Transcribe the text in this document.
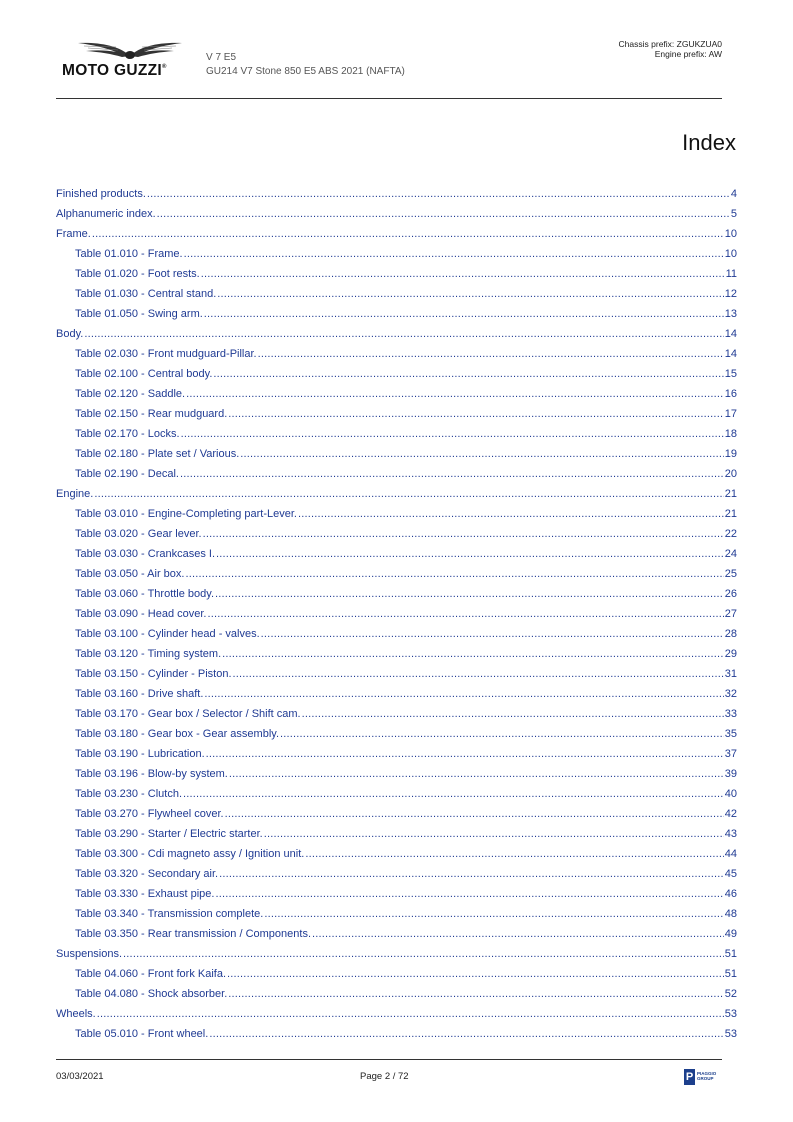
MOTO GUZZI®
V 7 E5
GU214 V7 Stone 850 E5 ABS 2021 (NAFTA)
Chassis prefix: ZGUKZUA0
Engine prefix: AW
Index
Finished products. .....	4
Alphanumeric index. .....	5
Frame. .....	10
Table 01.010 - Frame. .....	10
Table 01.020 - Foot rests. .....	11
Table 01.030 - Central stand. .....	12
Table 01.050 - Swing arm. .....	13
Body. .....	14
Table 02.030 - Front mudguard-Pillar. .....	14
Table 02.100 - Central body. .....	15
Table 02.120 - Saddle. .....	16
Table 02.150 - Rear mudguard. .....	17
Table 02.170 - Locks. .....	18
Table 02.180 - Plate set / Various. .....	19
Table 02.190 - Decal. .....	20
Engine. .....	21
Table 03.010 - Engine-Completing part-Lever. .....	21
Table 03.020 - Gear lever. .....	22
Table 03.030 - Crankcases I. .....	24
Table 03.050 - Air box. .....	25
Table 03.060 - Throttle body. .....	26
Table 03.090 - Head cover. .....	27
Table 03.100 - Cylinder head - valves. .....	28
Table 03.120 - Timing system. .....	29
Table 03.150 - Cylinder - Piston. .....	31
Table 03.160 - Drive shaft. .....	32
Table 03.170 - Gear box / Selector / Shift cam. .....	33
Table 03.180 - Gear box - Gear assembly. .....	35
Table 03.190 - Lubrication. .....	37
Table 03.196 - Blow-by system. .....	39
Table 03.230 - Clutch. .....	40
Table 03.270 - Flywheel cover. .....	42
Table 03.290 - Starter / Electric starter. .....	43
Table 03.300 - Cdi magneto assy / Ignition unit. .....	44
Table 03.320 - Secondary air. .....	45
Table 03.330 - Exhaust pipe. .....	46
Table 03.340 - Transmission complete. .....	48
Table 03.350 - Rear transmission / Components. .....	49
Suspensions. .....	51
Table 04.060 - Front fork Kaifa. .....	51
Table 04.080 - Shock absorber. .....	52
Wheels. .....	53
Table 05.010 - Front wheel. .....	53
03/03/2021	Page 2 / 72	P PIAGGIO
GROUP
